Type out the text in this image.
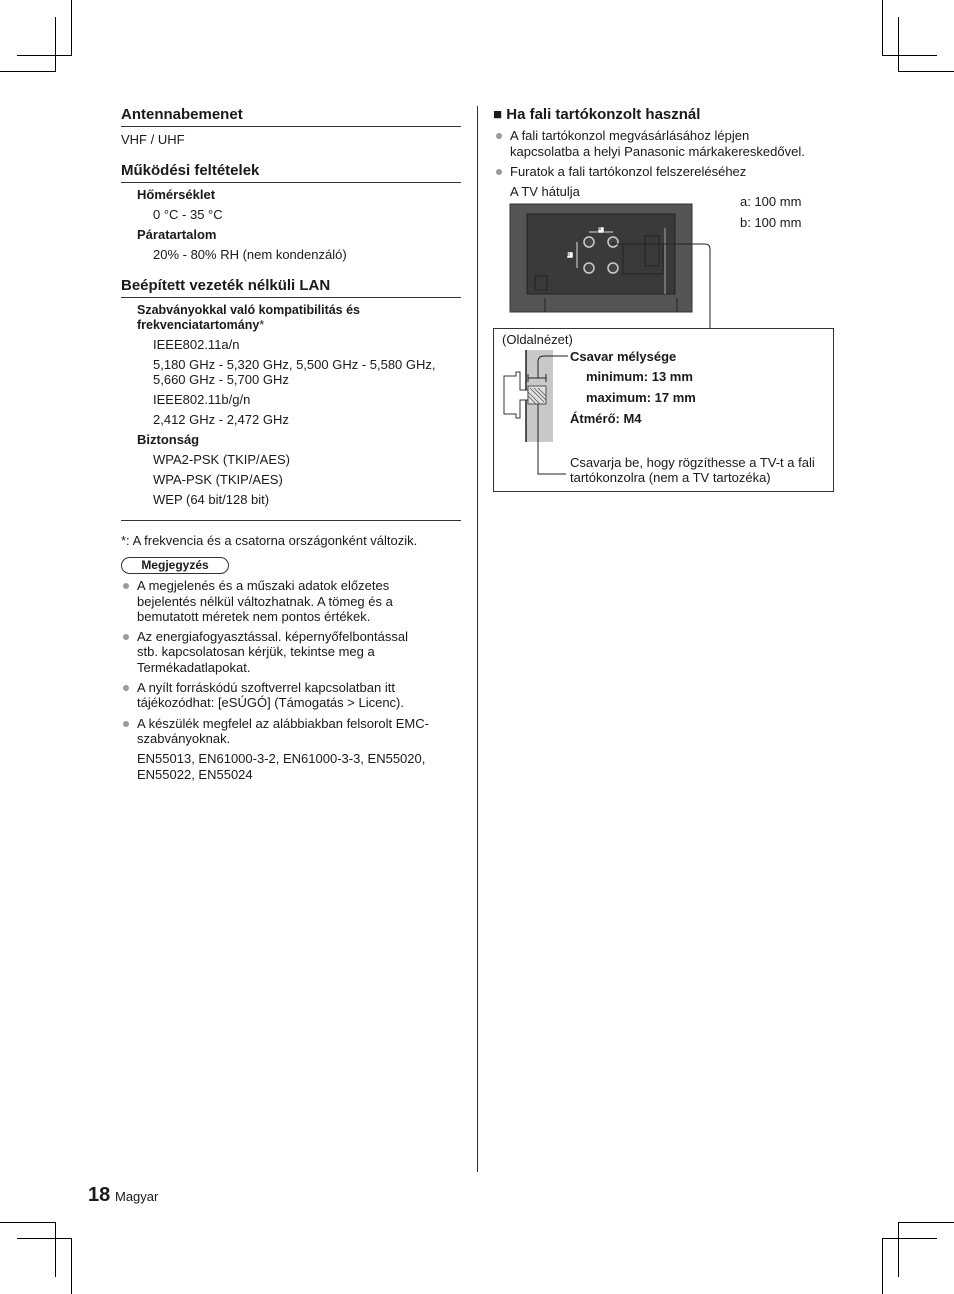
Antennabemenet
VHF / UHF
Működési feltételek
Hőmérséklet
0 °C - 35 °C
Páratartalom
20% - 80% RH (nem kondenzáló)
Beépített vezeték nélküli LAN
Szabványokkal való kompatibilitás és
frekvenciatartomány*
IEEE802.11a/n
5,180 GHz - 5,320 GHz, 5,500 GHz - 5,580 GHz,
5,660 GHz - 5,700 GHz
IEEE802.11b/g/n
2,412 GHz - 2,472 GHz
Biztonság
WPA2-PSK (TKIP/AES)
WPA-PSK (TKIP/AES)
WEP (64 bit/128 bit)
*: A frekvencia és a csatorna országonként változik.
Megjegyzés
A megjelenés és a műszaki adatok előzetes
bejelentés nélkül változhatnak. A tömeg és a
bemutatott méretek nem pontos értékek.
Az energiafogyasztással. képernyőfelbontással
stb. kapcsolatosan kérjük, tekintse meg a
Termékadatlapokat.
A nyílt forráskódú szoftverrel kapcsolatban itt
tájékozódhat: [eSÚGÓ] (Támogatás > Licenc).
A készülék megfelel az alábbiakban felsorolt EMC-
szabványoknak.
EN55013, EN61000-3-2, EN61000-3-3, EN55020,
EN55022, EN55024
■ Ha fali tartókonzolt használ
A fali tartókonzol megvásárlásához lépjen
kapcsolatba a helyi Panasonic márkakereskedővel.
Furatok a fali tartókonzol felszereléséhez
A TV hátulja
a: 100 mm
b: 100 mm
a
b
(Oldalnézet)
Csavar mélysége
minimum: 13 mm
maximum: 17 mm
Átmérő: M4
Csavarja be, hogy rögzíthesse a TV-t a fali
tartókonzolra (nem a TV tartozéka)
18 Magyar
